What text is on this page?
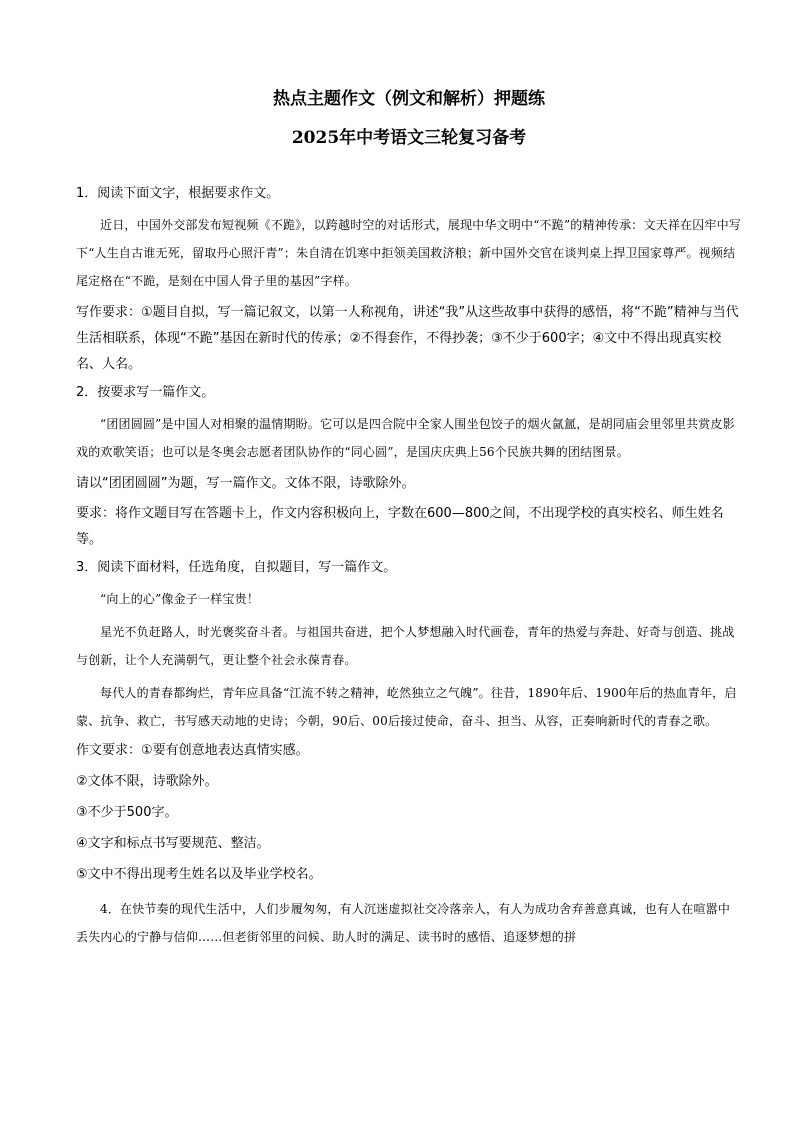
热点主题作文（例文和解析）押题练
2025年中考语文三轮复习备考

1．阅读下面文字，根据要求作文。

近日，中国外交部发布短视频《不跪》，以跨越时空的对话形式，展现中华文明中“不跪”的精神传承：文天祥在囚牢中写下“人生自古谁无死，留取丹心照汗青”；朱自清在饥寒中拒领美国救济粮；新中国外交官在谈判桌上捍卫国家尊严。视频结尾定格在“不跪，是刻在中国人骨子里的基因”字样。

写作要求：①题目自拟，写一篇记叙文，以第一人称视角，讲述“我”从这些故事中获得的感悟，将“不跪”精神与当代生活相联系，体现“不跪”基因在新时代的传承；②不得套作，不得抄袭；③不少于600字；④文中不得出现真实校名、人名。

2．按要求写一篇作文。

“团团圆圆”是中国人对相聚的温情期盼。它可以是四合院中全家人围坐包饺子的烟火氤氲，是胡同庙会里邻里共赏皮影戏的欢歌笑语；也可以是冬奥会志愿者团队协作的“同心圆”，是国庆庆典上56个民族共舞的团结图景。

请以“团团圆圆”为题，写一篇作文。文体不限，诗歌除外。

要求：将作文题目写在答题卡上，作文内容积极向上，字数在600—800之间，不出现学校的真实校名、师生姓名等。

3．阅读下面材料，任选角度，自拟题目，写一篇作文。

“向上的心”像金子一样宝贵！

星光不负赶路人，时光褒奖奋斗者。与祖国共奋进，把个人梦想融入时代画卷，青年的热爱与奔赴、好奇与创造、挑战与创新，让个人充满朝气，更让整个社会永葆青春。

每代人的青春都绚烂，青年应具备“江流不转之精神，屹然独立之气魄”。往昔，1890年后、1900年后的热血青年，启蒙、抗争、救亡，书写感天动地的史诗；今朝，90后、00后接过使命，奋斗、担当、从容，正奏响新时代的青春之歌。

作文要求：①要有创意地表达真情实感。

②文体不限，诗歌除外。

③不少于500字。

④文字和标点书写要规范、整洁。

⑤文中不得出现考生姓名以及毕业学校名。

4．在快节奏的现代生活中，人们步履匆匆，有人沉迷虚拟社交冷落亲人，有人为成功舍弃善意真诚，也有人在喧嚣中丢失内心的宁静与信仰……但老街邻里的问候、助人时的满足、读书时的感悟、追逐梦想的拼
